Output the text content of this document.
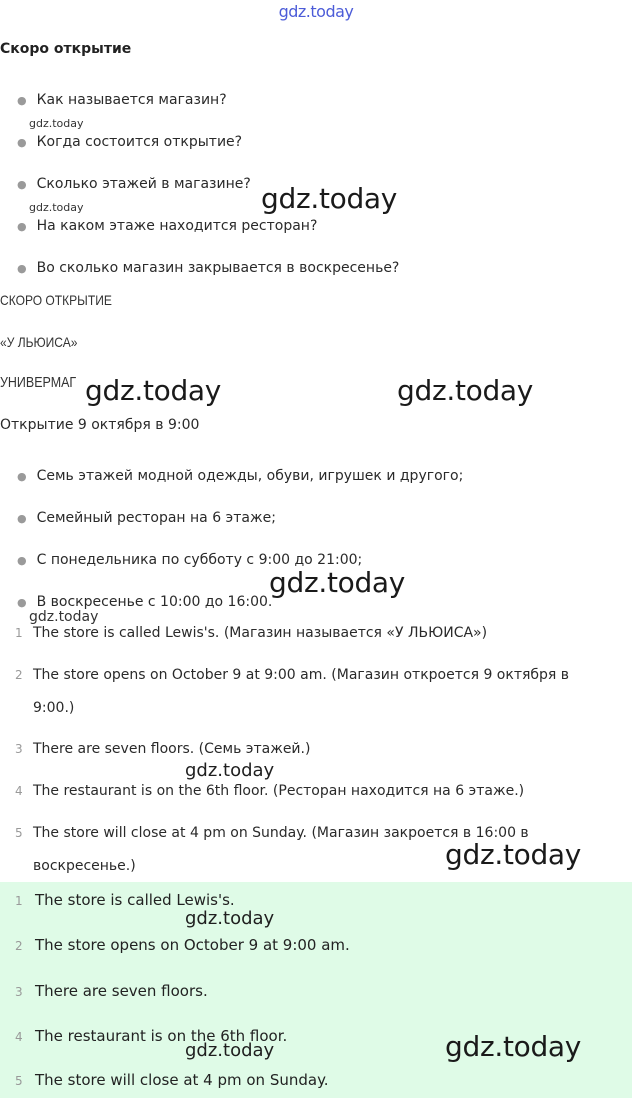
gdz.today
Скоро открытие
● Как называется магазин?
● Когда состоится открытие?
● Сколько этажей в магазине?
● На каком этаже находится ресторан?
● Во сколько магазин закрывается в воскресенье?
СКОРО ОТКРЫТИЕ
«У ЛЬЮИСА»
УНИВЕРМАГ
Открытие 9 октября в 9:00
● Семь этажей модной одежды, обуви, игрушек и другого;
● Семейный ресторан на 6 этаже;
● С понедельника по субботу с 9:00 до 21:00;
● В воскресенье с 10:00 до 16:00.
1 The store is called Lewis's. (Магазин называется «У ЛЬЮИСА»)
2 The store opens on October 9 at 9:00 am. (Магазин откроется 9 октября в
9:00.)
3 There are seven floors. (Семь этажей.)
4 The restaurant is on the 6th floor. (Ресторан находится на 6 этаже.)
5 The store will close at 4 pm on Sunday. (Магазин закроется в 16:00 в
воскресенье.)
1 The store is called Lewis's.
2 The store opens on October 9 at 9:00 am.
3 There are seven floors.
4 The restaurant is on the 6th floor.
5 The store will close at 4 pm on Sunday.
gdz.today
gdz.today	gdz.today
gdz.today	gdz.today
gdz.today
gdz.today
gdz.today
gdz.today
gdz.today
gdz.today	gdz.today
